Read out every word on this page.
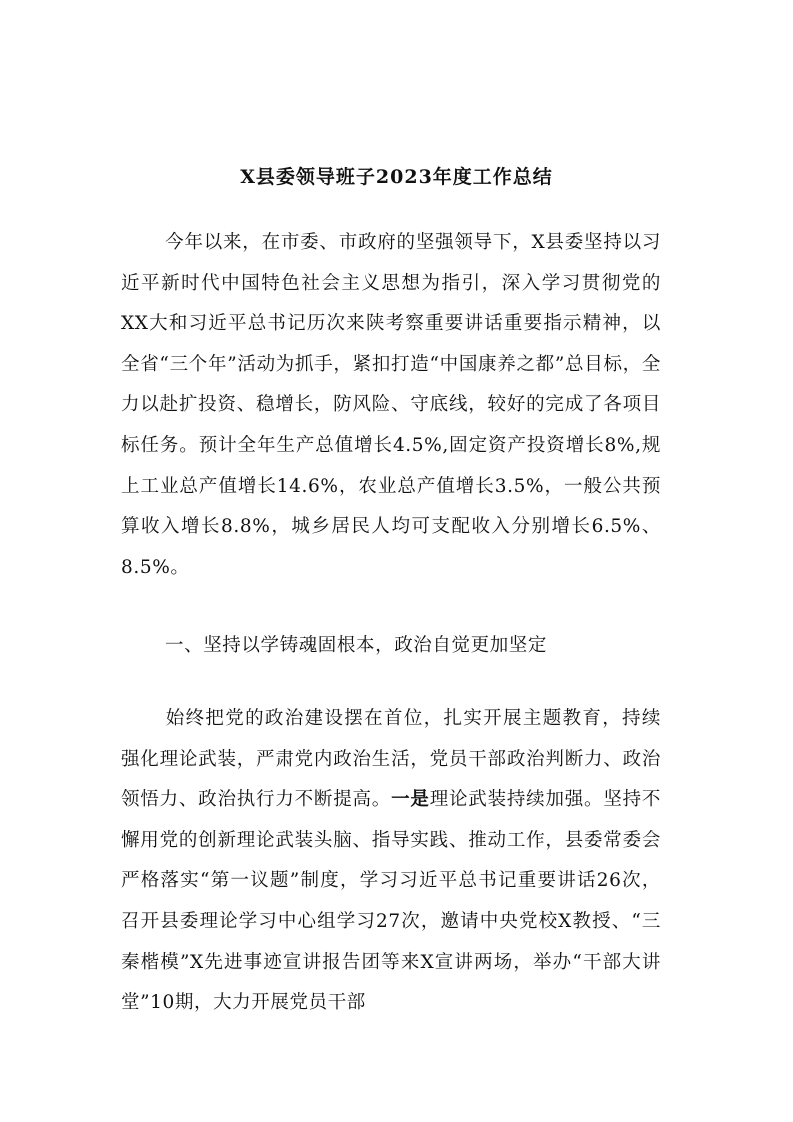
X县委领导班子2023年度工作总结

今年以来，在市委、市政府的坚强领导下，X县委坚持以习近平新时代中国特色社会主义思想为指引，深入学习贯彻党的XX大和习近平总书记历次来陕考察重要讲话重要指示精神，以全省“三个年”活动为抓手，紧扣打造“中国康养之都”总目标，全力以赴扩投资、稳增长，防风险、守底线，较好的完成了各项目标任务。预计全年生产总值增长4.5%,固定资产投资增长8%,规上工业总产值增长14.6%，农业总产值增长3.5%，一般公共预算收入增长8.8%，城乡居民人均可支配收入分别增长6.5%、8.5%。

一、坚持以学铸魂固根本，政治自觉更加坚定

始终把党的政治建设摆在首位，扎实开展主题教育，持续强化理论武装，严肃党内政治生活，党员干部政治判断力、政治领悟力、政治执行力不断提高。一是理论武装持续加强。坚持不懈用党的创新理论武装头脑、指导实践、推动工作，县委常委会严格落实“第一议题”制度，学习习近平总书记重要讲话26次，召开县委理论学习中心组学习27次，邀请中央党校X教授、“三秦楷模”X先进事迹宣讲报告团等来X宣讲两场，举办“干部大讲堂”10期，大力开展党员干部
